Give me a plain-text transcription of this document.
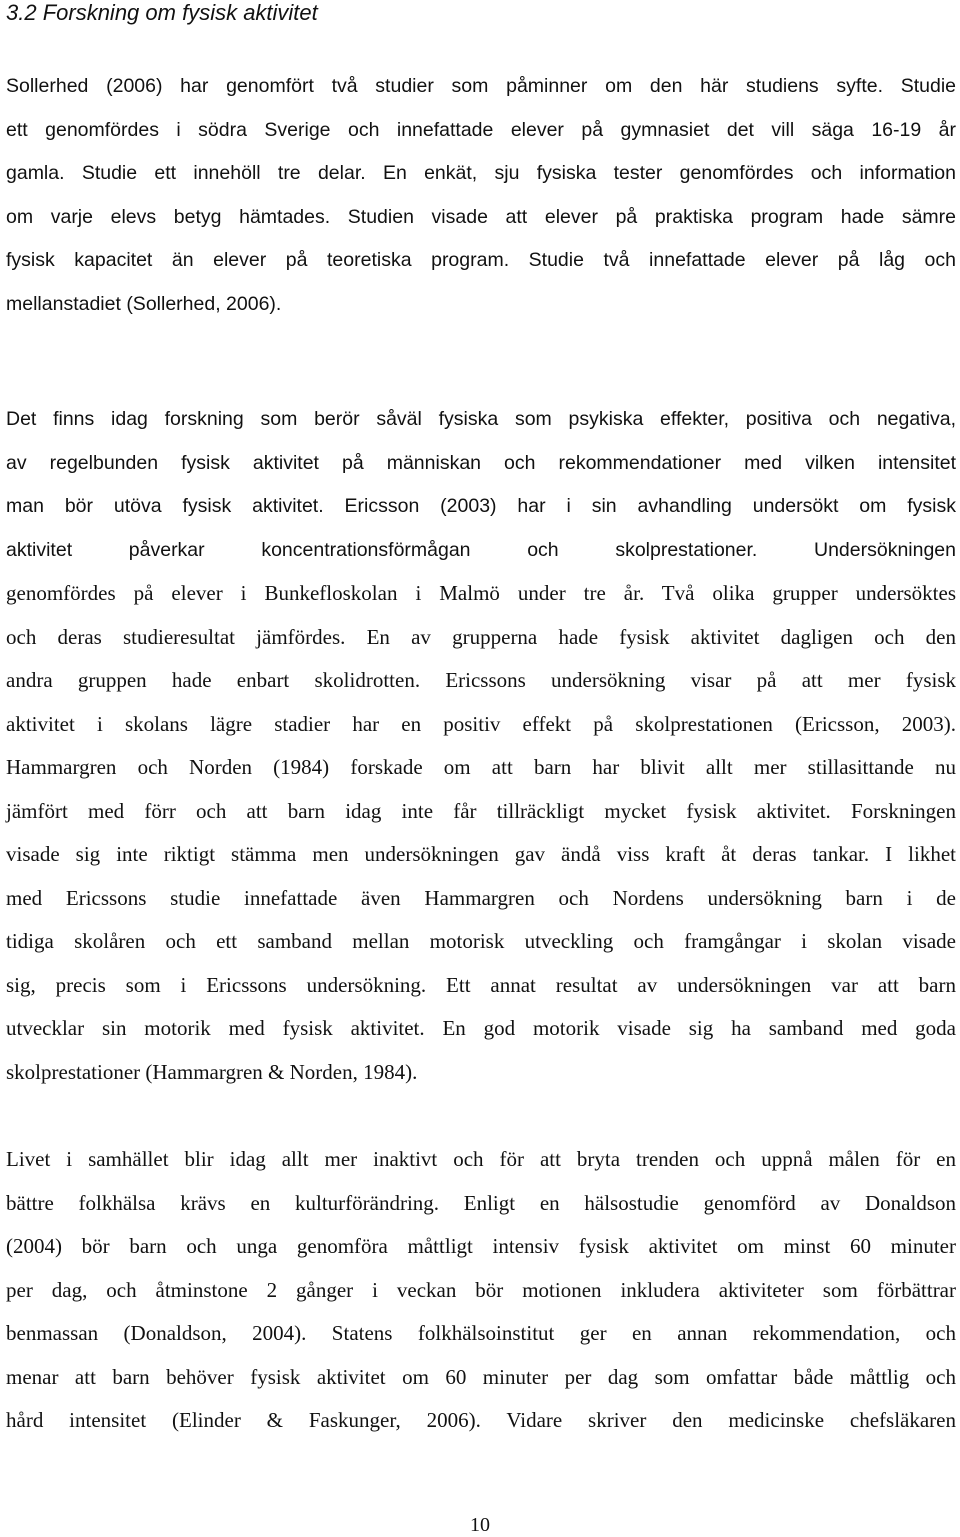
3.2 Forskning om fysisk aktivitet
Sollerhed (2006) har genomfört två studier som påminner om den här studiens syfte. Studie
ett genomfördes i södra Sverige och innefattade elever på gymnasiet det vill säga 16-19 år
gamla. Studie ett innehöll tre delar. En enkät, sju fysiska tester genomfördes och information
om varje elevs betyg hämtades. Studien visade att elever på praktiska program hade sämre
fysisk kapacitet än elever på teoretiska program. Studie två innefattade elever på låg och
mellanstadiet (Sollerhed, 2006).
Det finns idag forskning som berör såväl fysiska som psykiska effekter, positiva och negativa,
av regelbunden fysisk aktivitet på människan och rekommendationer med vilken intensitet
man bör utöva fysisk aktivitet. Ericsson (2003) har i sin avhandling undersökt om fysisk
aktivitet påverkar koncentrationsförmågan och skolprestationer. Undersökningen
genomfördes på elever i Bunkefloskolan i Malmö under tre år. Två olika grupper undersöktes
och deras studieresultat jämfördes. En av grupperna hade fysisk aktivitet dagligen och den
andra gruppen hade enbart skolidrotten. Ericssons undersökning visar på att mer fysisk
aktivitet i skolans lägre stadier har en positiv effekt på skolprestationen (Ericsson, 2003).
Hammargren och Norden (1984) forskade om att barn har blivit allt mer stillasittande nu
jämfört med förr och att barn idag inte får tillräckligt mycket fysisk aktivitet. Forskningen
visade sig inte riktigt stämma men undersökningen gav ändå viss kraft åt deras tankar. I likhet
med Ericssons studie innefattade även Hammargren och Nordens undersökning barn i de
tidiga skolåren och ett samband mellan motorisk utveckling och framgångar i skolan visade
sig, precis som i Ericssons undersökning. Ett annat resultat av undersökningen var att barn
utvecklar sin motorik med fysisk aktivitet. En god motorik visade sig ha samband med goda
skolprestationer (Hammargren & Norden, 1984).
Livet i samhället blir idag allt mer inaktivt och för att bryta trenden och uppnå målen för en
bättre folkhälsa krävs en kulturförändring. Enligt en hälsostudie genomförd av Donaldson
(2004) bör barn och unga genomföra måttligt intensiv fysisk aktivitet om minst 60 minuter
per dag, och åtminstone 2 gånger i veckan bör motionen inkludera aktiviteter som förbättrar
benmassan (Donaldson, 2004). Statens folkhälsoinstitut ger en annan rekommendation, och
menar att barn behöver fysisk aktivitet om 60 minuter per dag som omfattar både måttlig och
hård intensitet (Elinder & Faskunger, 2006). Vidare skriver den medicinske chefsläkaren
10
